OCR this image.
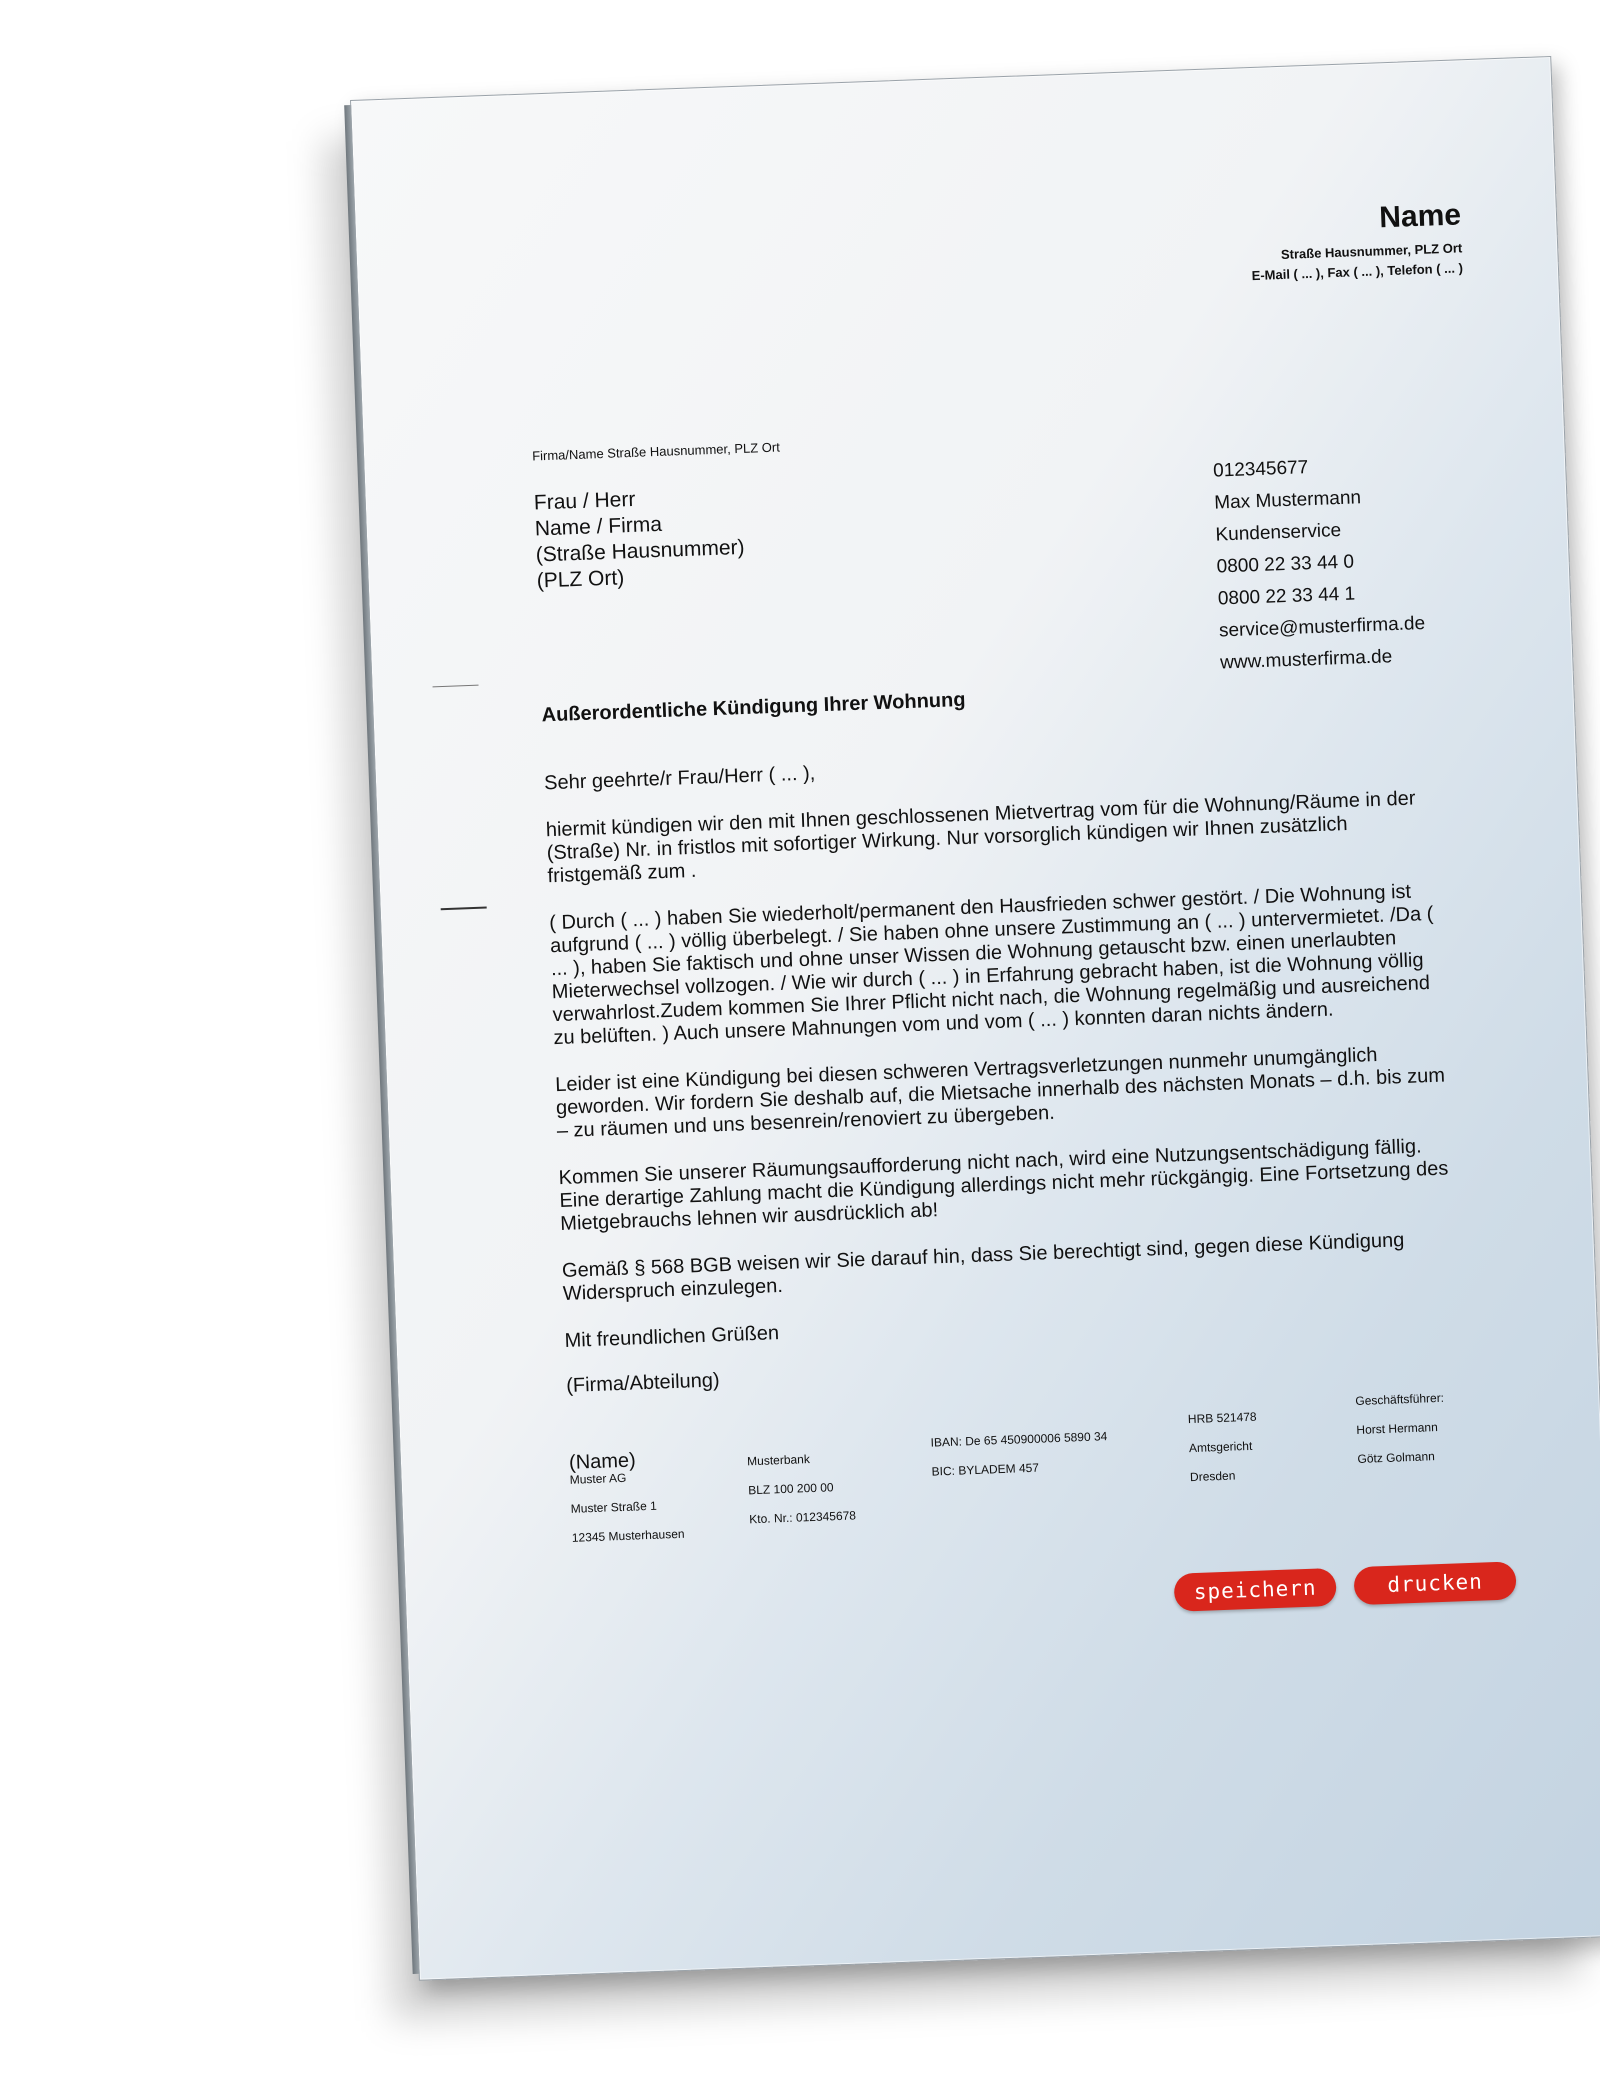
Name
Straße Hausnummer, PLZ Ort
E-Mail ( ... ), Fax ( ... ), Telefon ( ... )
Firma/Name Straße Hausnummer, PLZ Ort
Frau / Herr
Name / Firma
(Straße Hausnummer)
(PLZ Ort)
012345677
Max Mustermann
Kundenservice
0800 22 33 44 0
0800 22 33 44 1
service@musterfirma.de
www.musterfirma.de
Außerordentliche Kündigung Ihrer Wohnung

Sehr geehrte/r Frau/Herr ( ... ),

hiermit kündigen wir den mit Ihnen geschlossenen Mietvertrag vom für die Wohnung/Räume in der (Straße) Nr. in fristlos mit sofortiger Wirkung. Nur vorsorglich kündigen wir Ihnen zusätzlich fristgemäß zum .

( Durch ( ... ) haben Sie wiederholt/permanent den Hausfrieden schwer gestört. / Die Wohnung ist aufgrund ( ... ) völlig überbelegt. / Sie haben ohne unsere Zustimmung an ( ... ) untervermietet. /Da ( ... ), haben Sie faktisch und ohne unser Wissen die Wohnung getauscht bzw. einen unerlaubten Mieterwechsel vollzogen. / Wie wir durch ( ... ) in Erfahrung gebracht haben, ist die Wohnung völlig verwahrlost.Zudem kommen Sie Ihrer Pflicht nicht nach, die Wohnung regelmäßig und ausreichend zu belüften. ) Auch unsere Mahnungen vom und vom ( ... ) konnten daran nichts ändern.

Leider ist eine Kündigung bei diesen schweren Vertragsverletzungen nunmehr unumgänglich geworden. Wir fordern Sie deshalb auf, die Mietsache innerhalb des nächsten Monats – d.h. bis zum – zu räumen und uns besenrein/renoviert zu übergeben.

Kommen Sie unserer Räumungsaufforderung nicht nach, wird eine Nutzungsentschädigung fällig. Eine derartige Zahlung macht die Kündigung allerdings nicht mehr rückgängig. Eine Fortsetzung des Mietgebrauchs lehnen wir ausdrücklich ab!

Gemäß § 568 BGB weisen wir Sie darauf hin, dass Sie berechtigt sind, gegen diese Kündigung Widerspruch einzulegen.

Mit freundlichen Grüßen

(Firma/Abteilung)

(Name)

Muster AG
Muster Straße 1
12345 Musterhausen
Musterbank
BLZ 100 200 00
Kto. Nr.: 012345678
IBAN: De 65 450900006 5890 34
BIC: BYLADEM 457
HRB 521478
Amtsgericht
Dresden
Geschäftsführer:
Horst Hermann
Götz Golmann
speichern	drucken
